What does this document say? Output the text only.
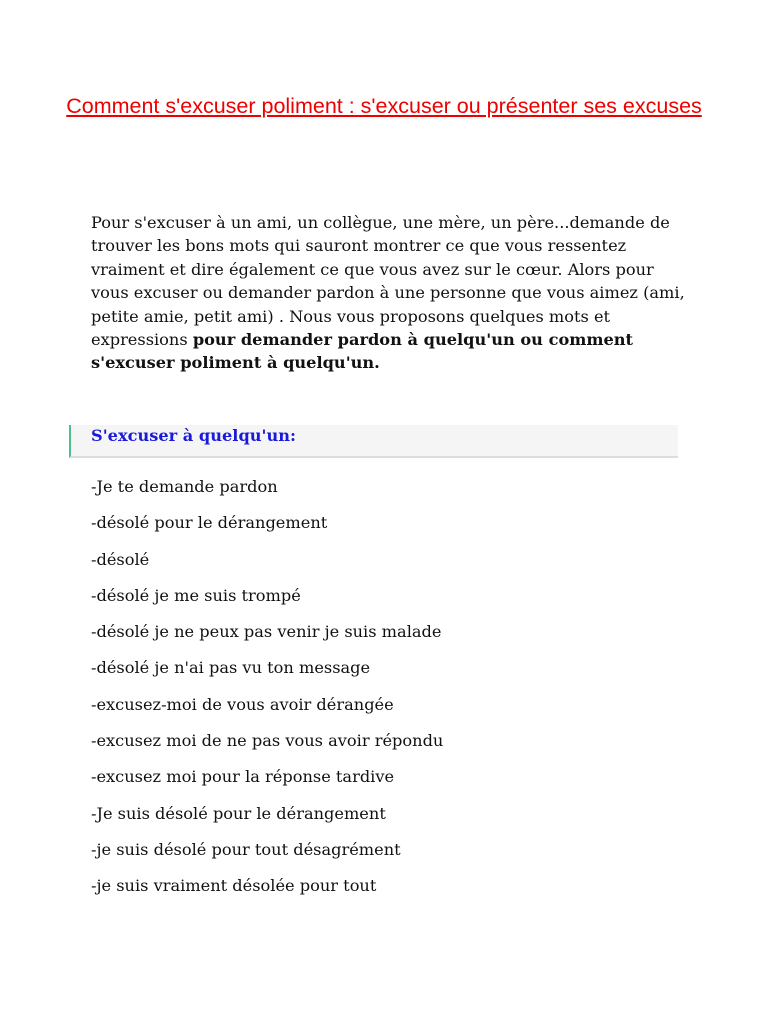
Comment s'excuser poliment : s'excuser ou présenter ses excuses

Pour s'excuser à un ami, un collègue, une mère, un père...demande de trouver les bons mots qui sauront montrer ce que vous ressentez vraiment et dire également ce que vous avez sur le cœur. Alors pour vous excuser ou demander pardon à une personne que vous aimez (ami, petite amie, petit ami) . Nous vous proposons quelques mots et expressions pour demander pardon à quelqu'un ou comment s'excuser poliment à quelqu'un.

S'excuser à quelqu'un:
-Je te demande pardon
-désolé pour le dérangement
-désolé
-désolé je me suis trompé
-désolé je ne peux pas venir je suis malade
-désolé je n'ai pas vu ton message
-excusez-moi de vous avoir dérangée
-excusez moi de ne pas vous avoir répondu
-excusez moi pour la réponse tardive
-Je suis désolé pour le dérangement
-je suis désolé pour tout désagrément
-je suis vraiment désolée pour tout
